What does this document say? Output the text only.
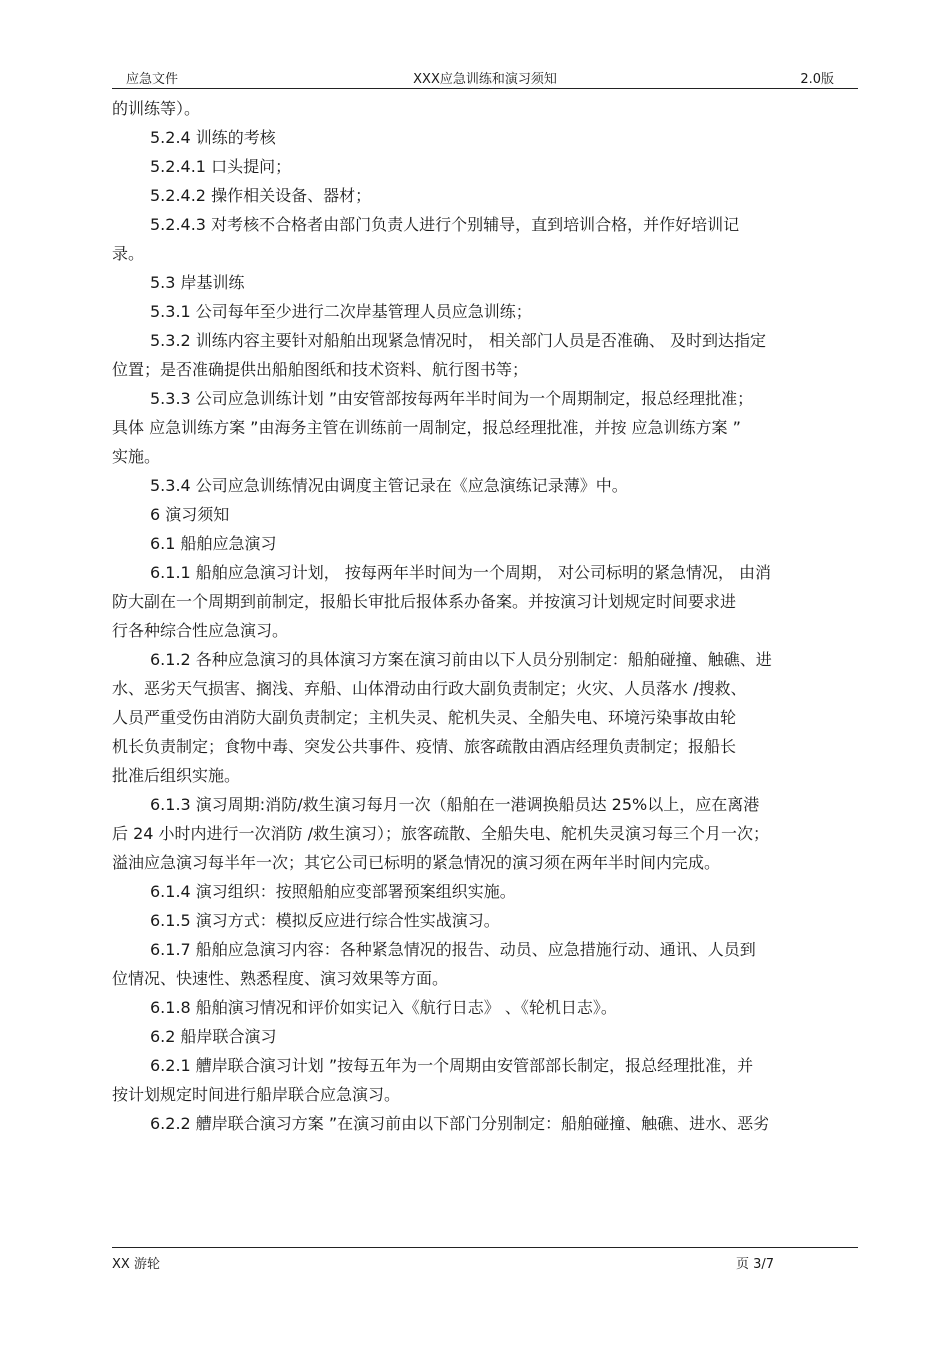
应急文件	XXX应急训练和演习须知	2.0版

的训练等）。

5.2.4 训练的考核

5.2.4.1 口头提问；

5.2.4.2 操作相关设备、器材；

5.2.4.3 对考核不合格者由部门负责人进行个别辅导，直到培训合格，并作好培训记

录。

5.3 岸基训练

5.3.1 公司每年至少进行二次岸基管理人员应急训练；

5.3.2 训练内容主要针对船舶出现紧急情况时， 相关部门人员是否准确、 及时到达指定

位置；是否准确提供出船舶图纸和技术资料、航行图书等；

5.3.3 公司应急训练计划 ”由安管部按每两年半时间为一个周期制定，报总经理批准；

具体 应急训练方案 ”由海务主管在训练前一周制定，报总经理批准，并按 应急训练方案 ”

实施。

5.3.4 公司应急训练情况由调度主管记录在《应急演练记录薄》中。

6 演习须知

6.1 船舶应急演习

6.1.1 船舶应急演习计划， 按每两年半时间为一个周期， 对公司标明的紧急情况， 由消

防大副在一个周期到前制定，报船长审批后报体系办备案。并按演习计划规定时间要求进

行各种综合性应急演习。

6.1.2 各种应急演习的具体演习方案在演习前由以下人员分别制定：船舶碰撞、触礁、进

水、恶劣天气损害、搁浅、弃船、山体滑动由行政大副负责制定；火灾、人员落水 /搜救、

人员严重受伤由消防大副负责制定；主机失灵、舵机失灵、全船失电、环境污染事故由轮

机长负责制定；食物中毒、突发公共事件、疫情、旅客疏散由酒店经理负责制定；报船长

批准后组织实施。

6.1.3 演习周期:消防/救生演习每月一次（船舶在一港调换船员达 25%以上，应在离港

后 24 小时内进行一次消防 /救生演习）；旅客疏散、全船失电、舵机失灵演习每三个月一次；

溢油应急演习每半年一次；其它公司已标明的紧急情况的演习须在两年半时间内完成。

6.1.4 演习组织：按照船舶应变部署预案组织实施。

6.1.5 演习方式：模拟反应进行综合性实战演习。

6.1.7 船舶应急演习内容：各种紧急情况的报告、动员、应急措施行动、通讯、人员到

位情况、快速性、熟悉程度、演习效果等方面。

6.1.8 船舶演习情况和评价如实记入《航行日志》 、《轮机日志》。

6.2 船岸联合演习

6.2.1 艚岸联合演习计划 ”按每五年为一个周期由安管部部长制定，报总经理批准，并

按计划规定时间进行船岸联合应急演习。

6.2.2 艚岸联合演习方案 ”在演习前由以下部门分别制定：船舶碰撞、触礁、进水、恶劣

XX 游轮	页 3/7
